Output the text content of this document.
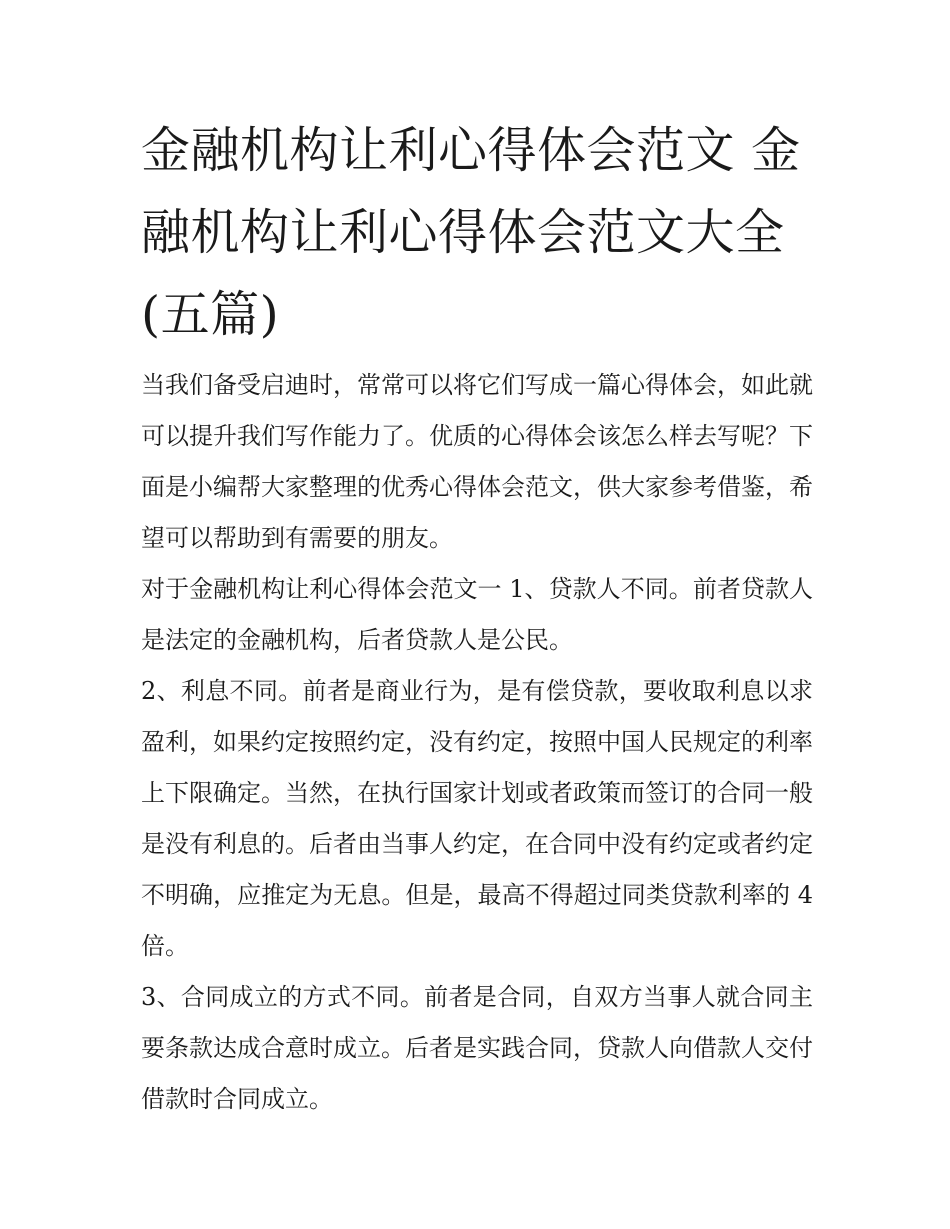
金融机构让利心得体会范文 金融机构让利心得体会范文大全(五篇)

当我们备受启迪时，常常可以将它们写成一篇心得体会，如此就可以提升我们写作能力了。优质的心得体会该怎么样去写呢？下面是小编帮大家整理的优秀心得体会范文，供大家参考借鉴，希望可以帮助到有需要的朋友。

对于金融机构让利心得体会范文一 1、贷款人不同。前者贷款人是法定的金融机构，后者贷款人是公民。

2、利息不同。前者是商业行为，是有偿贷款，要收取利息以求盈利，如果约定按照约定，没有约定，按照中国人民规定的利率上下限确定。当然，在执行国家计划或者政策而签订的合同一般是没有利息的。后者由当事人约定，在合同中没有约定或者约定不明确，应推定为无息。但是，最高不得超过同类贷款利率的 4 倍。

3、合同成立的方式不同。前者是合同，自双方当事人就合同主要条款达成合意时成立。后者是实践合同，贷款人向借款人交付借款时合同成立。
